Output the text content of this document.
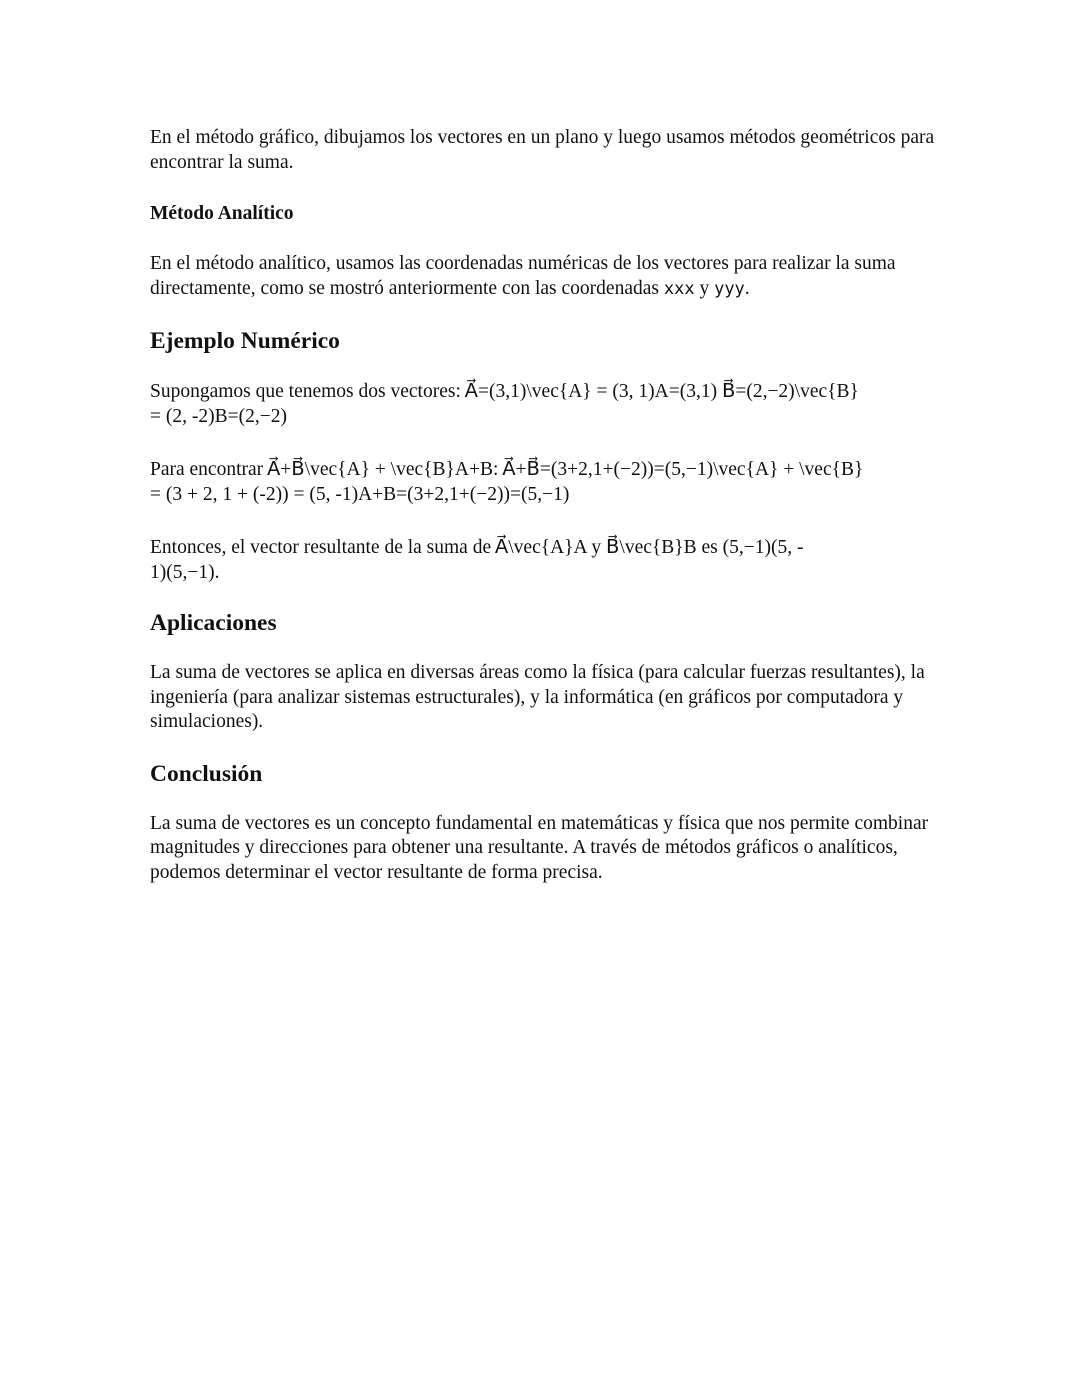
En el método gráfico, dibujamos los vectores en un plano y luego usamos métodos geométricos para encontrar la suma.

Método Analítico

En el método analítico, usamos las coordenadas numéricas de los vectores para realizar la suma directamente, como se mostró anteriormente con las coordenadas xxx y yyy.

Ejemplo Numérico

Supongamos que tenemos dos vectores: A⃗=(3,1)\vec{A} = (3, 1)A=(3,1) B⃗=(2,−2)\vec{B}
= (2, -2)B=(2,−2)

Para encontrar A⃗+B⃗\vec{A} + \vec{B}A+B: A⃗+B⃗=(3+2,1+(−2))=(5,−1)\vec{A} + \vec{B}
= (3 + 2, 1 + (-2)) = (5, -1)A+B=(3+2,1+(−2))=(5,−1)

Entonces, el vector resultante de la suma de A⃗\vec{A}A y B⃗\vec{B}B es (5,−1)(5, -
1)(5,−1).

Aplicaciones

La suma de vectores se aplica en diversas áreas como la física (para calcular fuerzas resultantes), la ingeniería (para analizar sistemas estructurales), y la informática (en gráficos por computadora y simulaciones).

Conclusión

La suma de vectores es un concepto fundamental en matemáticas y física que nos permite combinar magnitudes y direcciones para obtener una resultante. A través de métodos gráficos o analíticos, podemos determinar el vector resultante de forma precisa.
